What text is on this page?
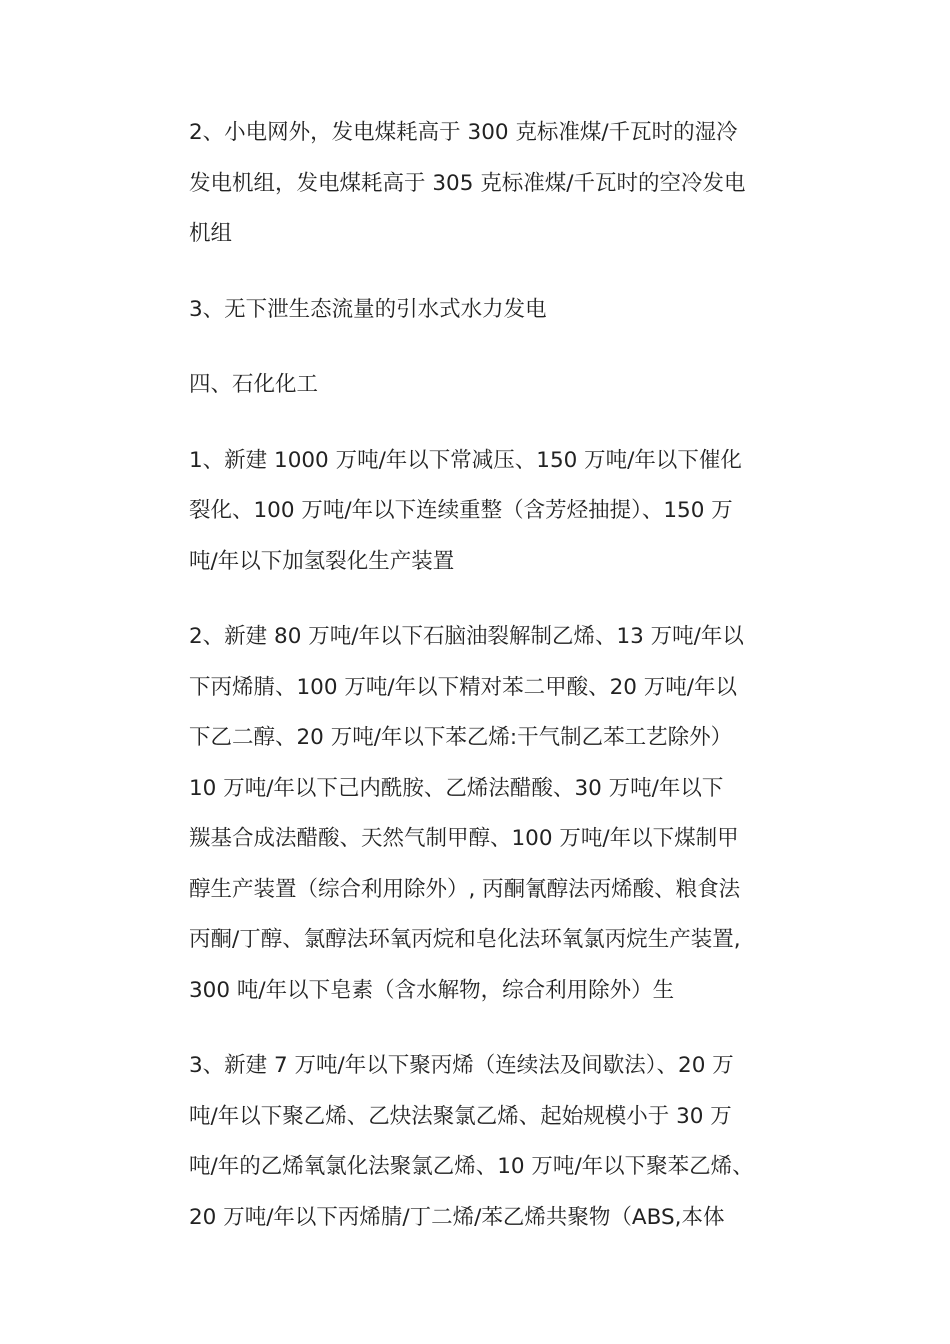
2、小电网外，发电煤耗高于 300 克标准煤/千瓦时的湿冷
发电机组，发电煤耗高于 305 克标准煤/千瓦时的空冷发电
机组
3、无下泄生态流量的引水式水力发电
四、石化化工
1、新建 1000 万吨/年以下常减压、150 万吨/年以下催化
裂化、100 万吨/年以下连续重整（含芳烃抽提）、150 万
吨/年以下加氢裂化生产装置
2、新建 80 万吨/年以下石脑油裂解制乙烯、13 万吨/年以
下丙烯腈、100 万吨/年以下精对苯二甲酸、20 万吨/年以
下乙二醇、20 万吨/年以下苯乙烯:干气制乙苯工艺除外）
10 万吨/年以下己内酰胺、乙烯法醋酸、30 万吨/年以下
羰基合成法醋酸、天然气制甲醇、100 万吨/年以下煤制甲
醇生产装置（综合利用除外）, 丙酮氰醇法丙烯酸、粮食法
丙酮/丁醇、氯醇法环氧丙烷和皂化法环氧氯丙烷生产装置,
300 吨/年以下皂素（含水解物，综合利用除外）生
3、新建 7 万吨/年以下聚丙烯（连续法及间歇法）、20 万
吨/年以下聚乙烯、乙炔法聚氯乙烯、起始规模小于 30 万
吨/年的乙烯氧氯化法聚氯乙烯、10 万吨/年以下聚苯乙烯、
20 万吨/年以下丙烯腈/丁二烯/苯乙烯共聚物（ABS,本体
